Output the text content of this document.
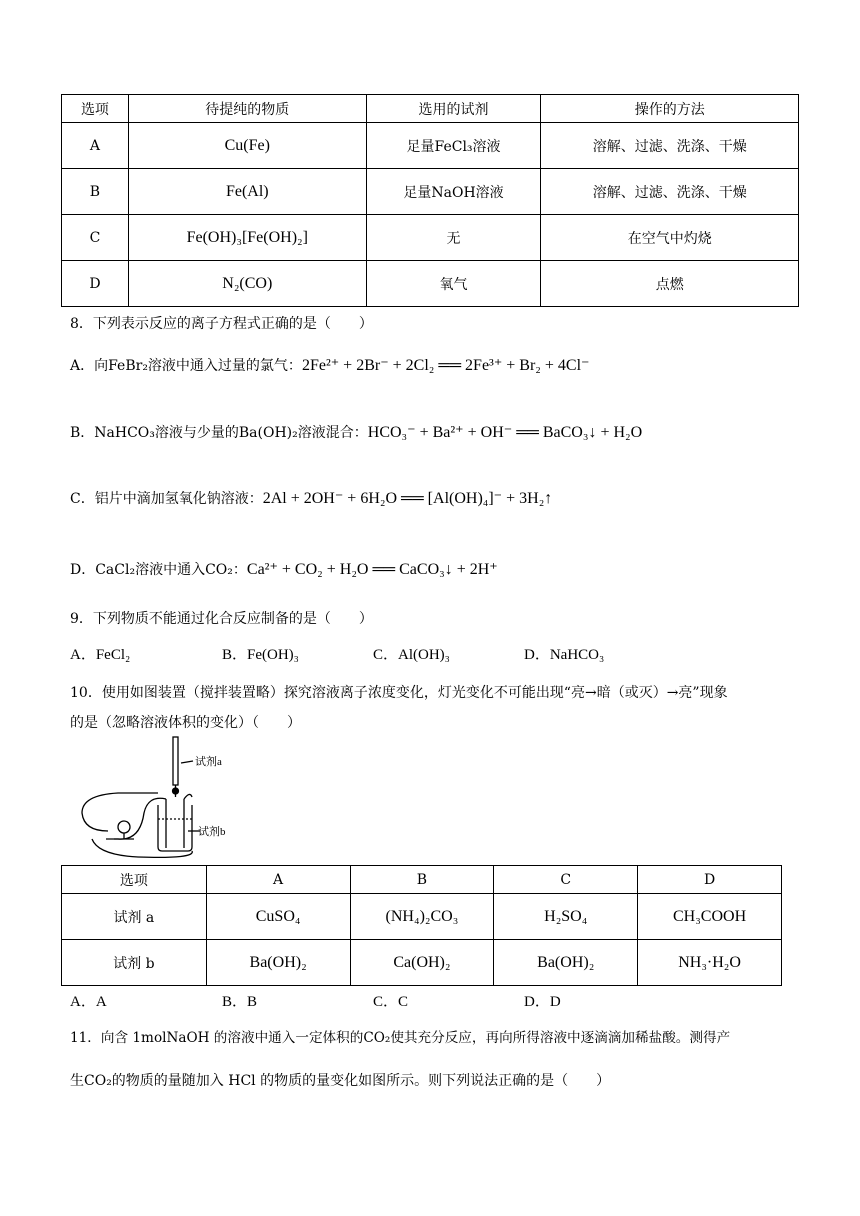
选项	待提纯的物质	选用的试剂	操作的方法
A	Cu(Fe)	足量FeCl₃溶液	溶解、过滤、洗涤、干燥
B	Fe(Al)	足量NaOH溶液	溶解、过滤、洗涤、干燥
C	Fe(OH)₃[Fe(OH)₂]	无	在空气中灼烧
D	N₂(CO)	氧气	点燃
8．下列表示反应的离子方程式正确的是（　　）
A．向FeBr₂溶液中通入过量的氯气：2Fe²⁺ + 2Br⁻ + 2Cl₂ ══ 2Fe³⁺ + Br₂ + 4Cl⁻
B．NaHCO₃溶液与少量的Ba(OH)₂溶液混合：HCO₃⁻ + Ba²⁺ + OH⁻ ══ BaCO₃↓ + H₂O
C．铝片中滴加氢氧化钠溶液：2Al + 2OH⁻ + 6H₂O ══ [Al(OH)₄]⁻ + 3H₂↑
D．CaCl₂溶液中通入CO₂：Ca²⁺ + CO₂ + H₂O ══ CaCO₃↓ + 2H⁺
9．下列物质不能通过化合反应制备的是（　　）
A．FeCl₂	B．Fe(OH)₃	C．Al(OH)₃	D．NaHCO₃
10．使用如图装置（搅拌装置略）探究溶液离子浓度变化，灯光变化不可能出现“亮→暗（或灭）→亮”现象
的是（忽略溶液体积的变化）（　　）
试剂a
试剂b
选项	A	B	C	D
试剂 a	CuSO₄	(NH₄)₂CO₃	H₂SO₄	CH₃COOH
试剂 b	Ba(OH)₂	Ca(OH)₂	Ba(OH)₂	NH₃·H₂O
A．A	B．B	C．C	D．D
11．向含 1molNaOH 的溶液中通入一定体积的CO₂使其充分反应，再向所得溶液中逐滴滴加稀盐酸。测得产
生CO₂的物质的量随加入 HCl 的物质的量变化如图所示。则下列说法正确的是（　　）
